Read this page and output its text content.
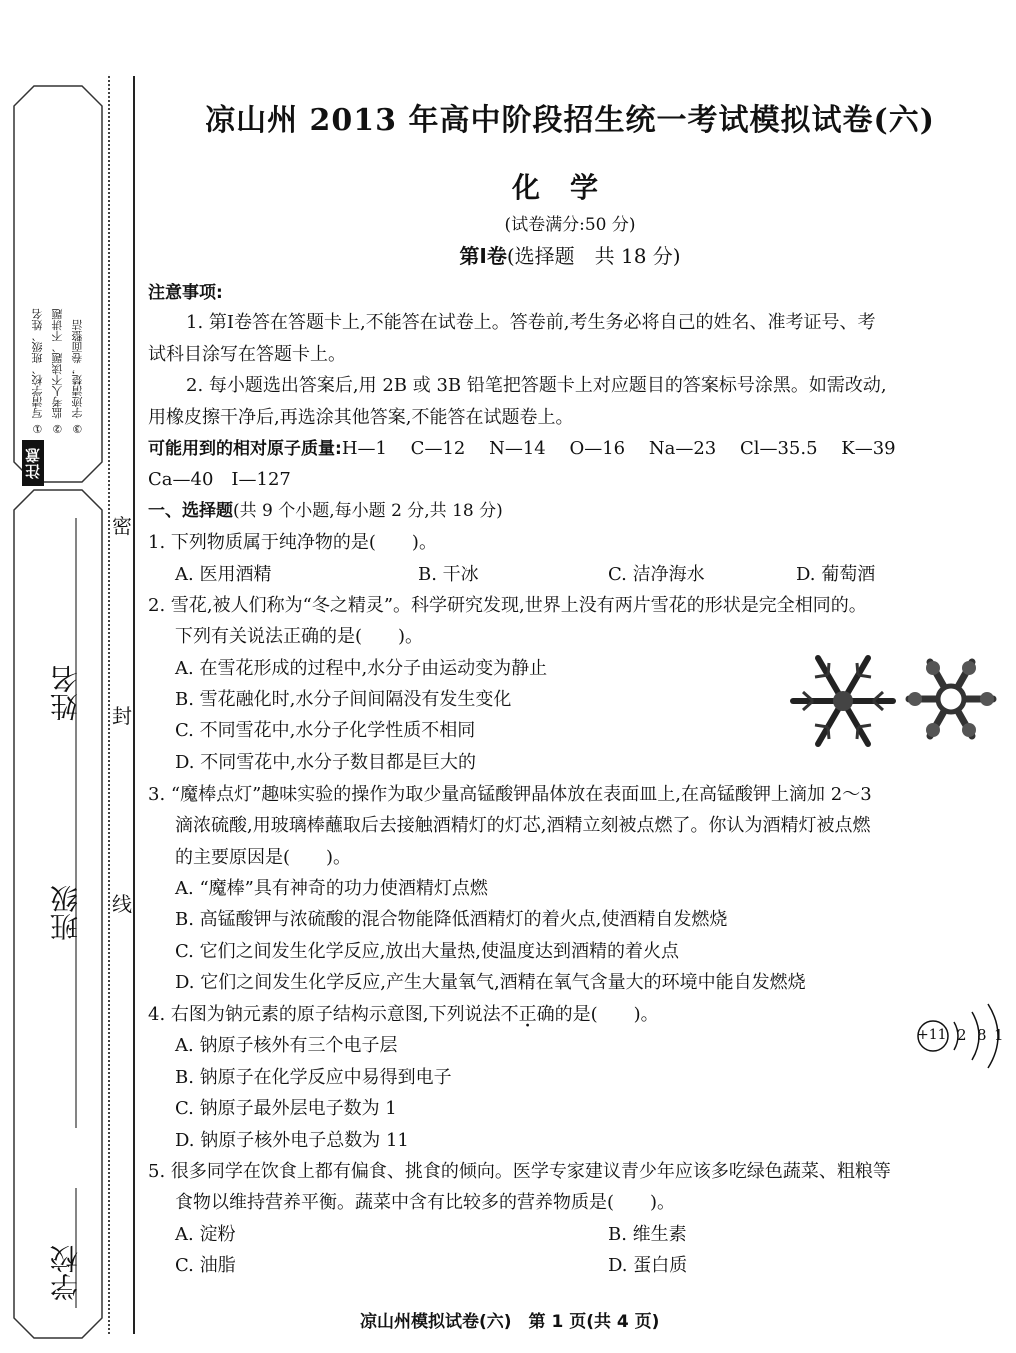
① 写清学校、班级、姓名 ② 监考人不读题、不讲题 ③ 字迹清楚，卷面整洁
注意事项
姓名
班级
学校
密
封
线
凉山州 2013 年高中阶段招生统一考试模拟试卷(六)
化学
(试卷满分:50 分)
第Ⅰ卷(选择题　共 18 分)
注意事项:
1. 第Ⅰ卷答在答题卡上,不能答在试卷上。答卷前,考生务必将自己的姓名、准考证号、考
试科目涂写在答题卡上。
2. 每小题选出答案后,用 2B 或 3B 铅笔把答题卡上对应题目的答案标号涂黑。如需改动,
用橡皮擦干净后,再选涂其他答案,不能答在试题卷上。
可能用到的相对原子质量:H—1　 C—12　 N—14　 O—16　 Na—23　 Cl—35.5　 K—39
Ca—40　I—127
一、选择题(共 9 个小题,每小题 2 分,共 18 分)
1. 下列物质属于纯净物的是(　　)。
A. 医用酒精	B. 干冰	C. 洁净海水	D. 葡萄酒
2. 雪花,被人们称为“冬之精灵”。科学研究发现,世界上没有两片雪花的形状是完全相同的。
下列有关说法正确的是(　　)。
A. 在雪花形成的过程中,水分子由运动变为静止
B. 雪花融化时,水分子间间隔没有发生变化
C. 不同雪花中,水分子化学性质不相同
D. 不同雪花中,水分子数目都是巨大的
3. “魔棒点灯”趣味实验的操作为取少量高锰酸钾晶体放在表面皿上,在高锰酸钾上滴加 2～3
滴浓硫酸,用玻璃棒蘸取后去接触酒精灯的灯芯,酒精立刻被点燃了。你认为酒精灯被点燃
的主要原因是(　　)。
A. “魔棒”具有神奇的功力使酒精灯点燃
B. 高锰酸钾与浓硫酸的混合物能降低酒精灯的着火点,使酒精自发燃烧
C. 它们之间发生化学反应,放出大量热,使温度达到酒精的着火点
D. 它们之间发生化学反应,产生大量氧气,酒精在氧气含量大的环境中能自发燃烧
4. 右图为钠元素的原子结构示意图,下列说法不正确的是(　　)。
A. 钠原子核外有三个电子层
B. 钠原子在化学反应中易得到电子
C. 钠原子最外层电子数为 1
D. 钠原子核外电子总数为 11
+11 2 8 1
5. 很多同学在饮食上都有偏食、挑食的倾向。医学专家建议青少年应该多吃绿色蔬菜、粗粮等
食物以维持营养平衡。蔬菜中含有比较多的营养物质是(　　)。
A. 淀粉	B. 维生素
C. 油脂	D. 蛋白质
凉山州模拟试卷(六)　第 1 页(共 4 页)
